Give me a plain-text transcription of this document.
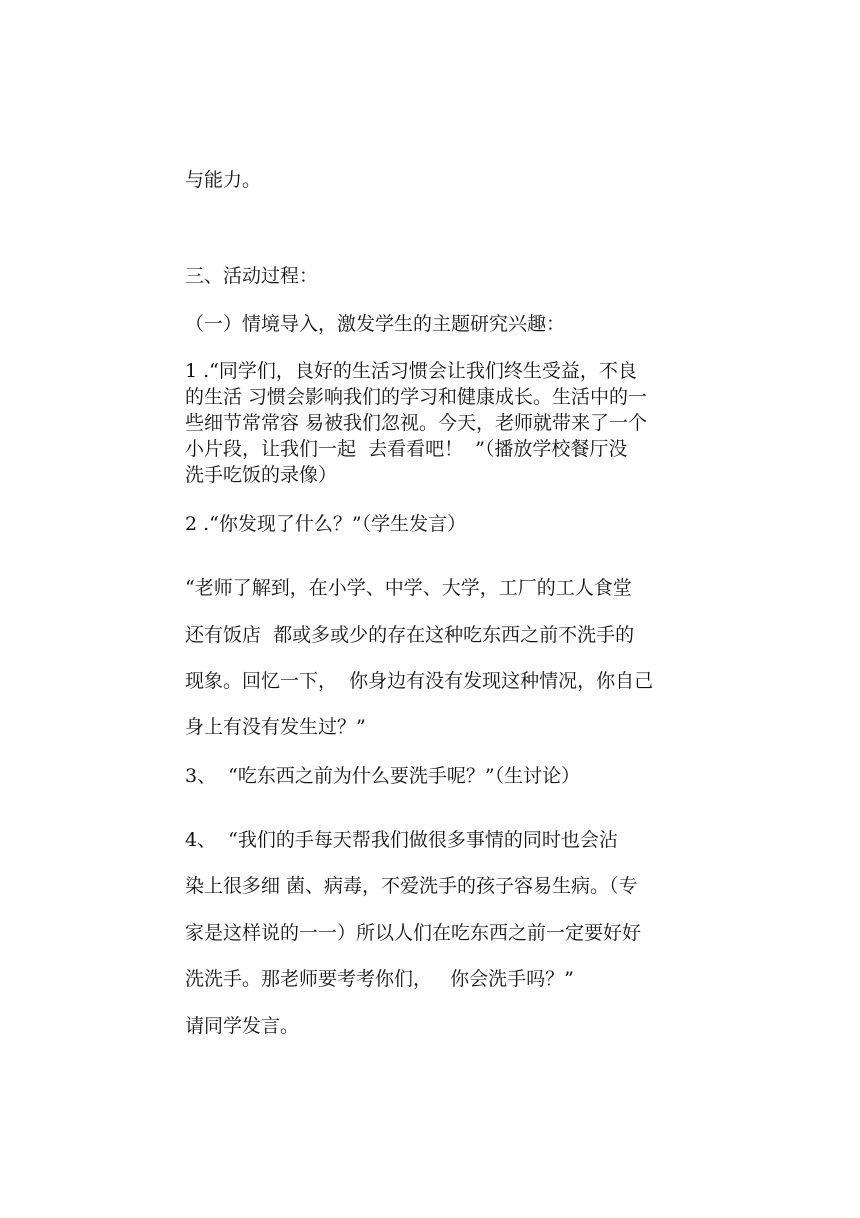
与能力。

三、活动过程：

（一）情境导入，激发学生的主题研究兴趣：

1 .“同学们，良好的生活习惯会让我们终生受益，不良

的生活 习惯会影响我们的学习和健康成长。生活中的一

些细节常常容 易被我们忽视。今天，老师就带来了一个

小片段，让我们一起  去看看吧！  ”（播放学校餐厅没

洗手吃饭的录像）

2 .“你发现了什么？”（学生发言）

“老师了解到，在小学、中学、大学，工厂的工人食堂

还有饭店  都或多或少的存在这种吃东西之前不洗手的

现象。回忆一下，  你身边有没有发现这种情况，你自己

身上有没有发生过？”

3、  “吃东西之前为什么要洗手呢？”（生讨论）

4、  “我们的手每天帮我们做很多事情的同时也会沾

染上很多细 菌、病毒，不爱洗手的孩子容易生病。（专

家是这样说的一一）所以人们在吃东西之前一定要好好

洗洗手。那老师要考考你们，   你会洗手吗？”

请同学发言。
